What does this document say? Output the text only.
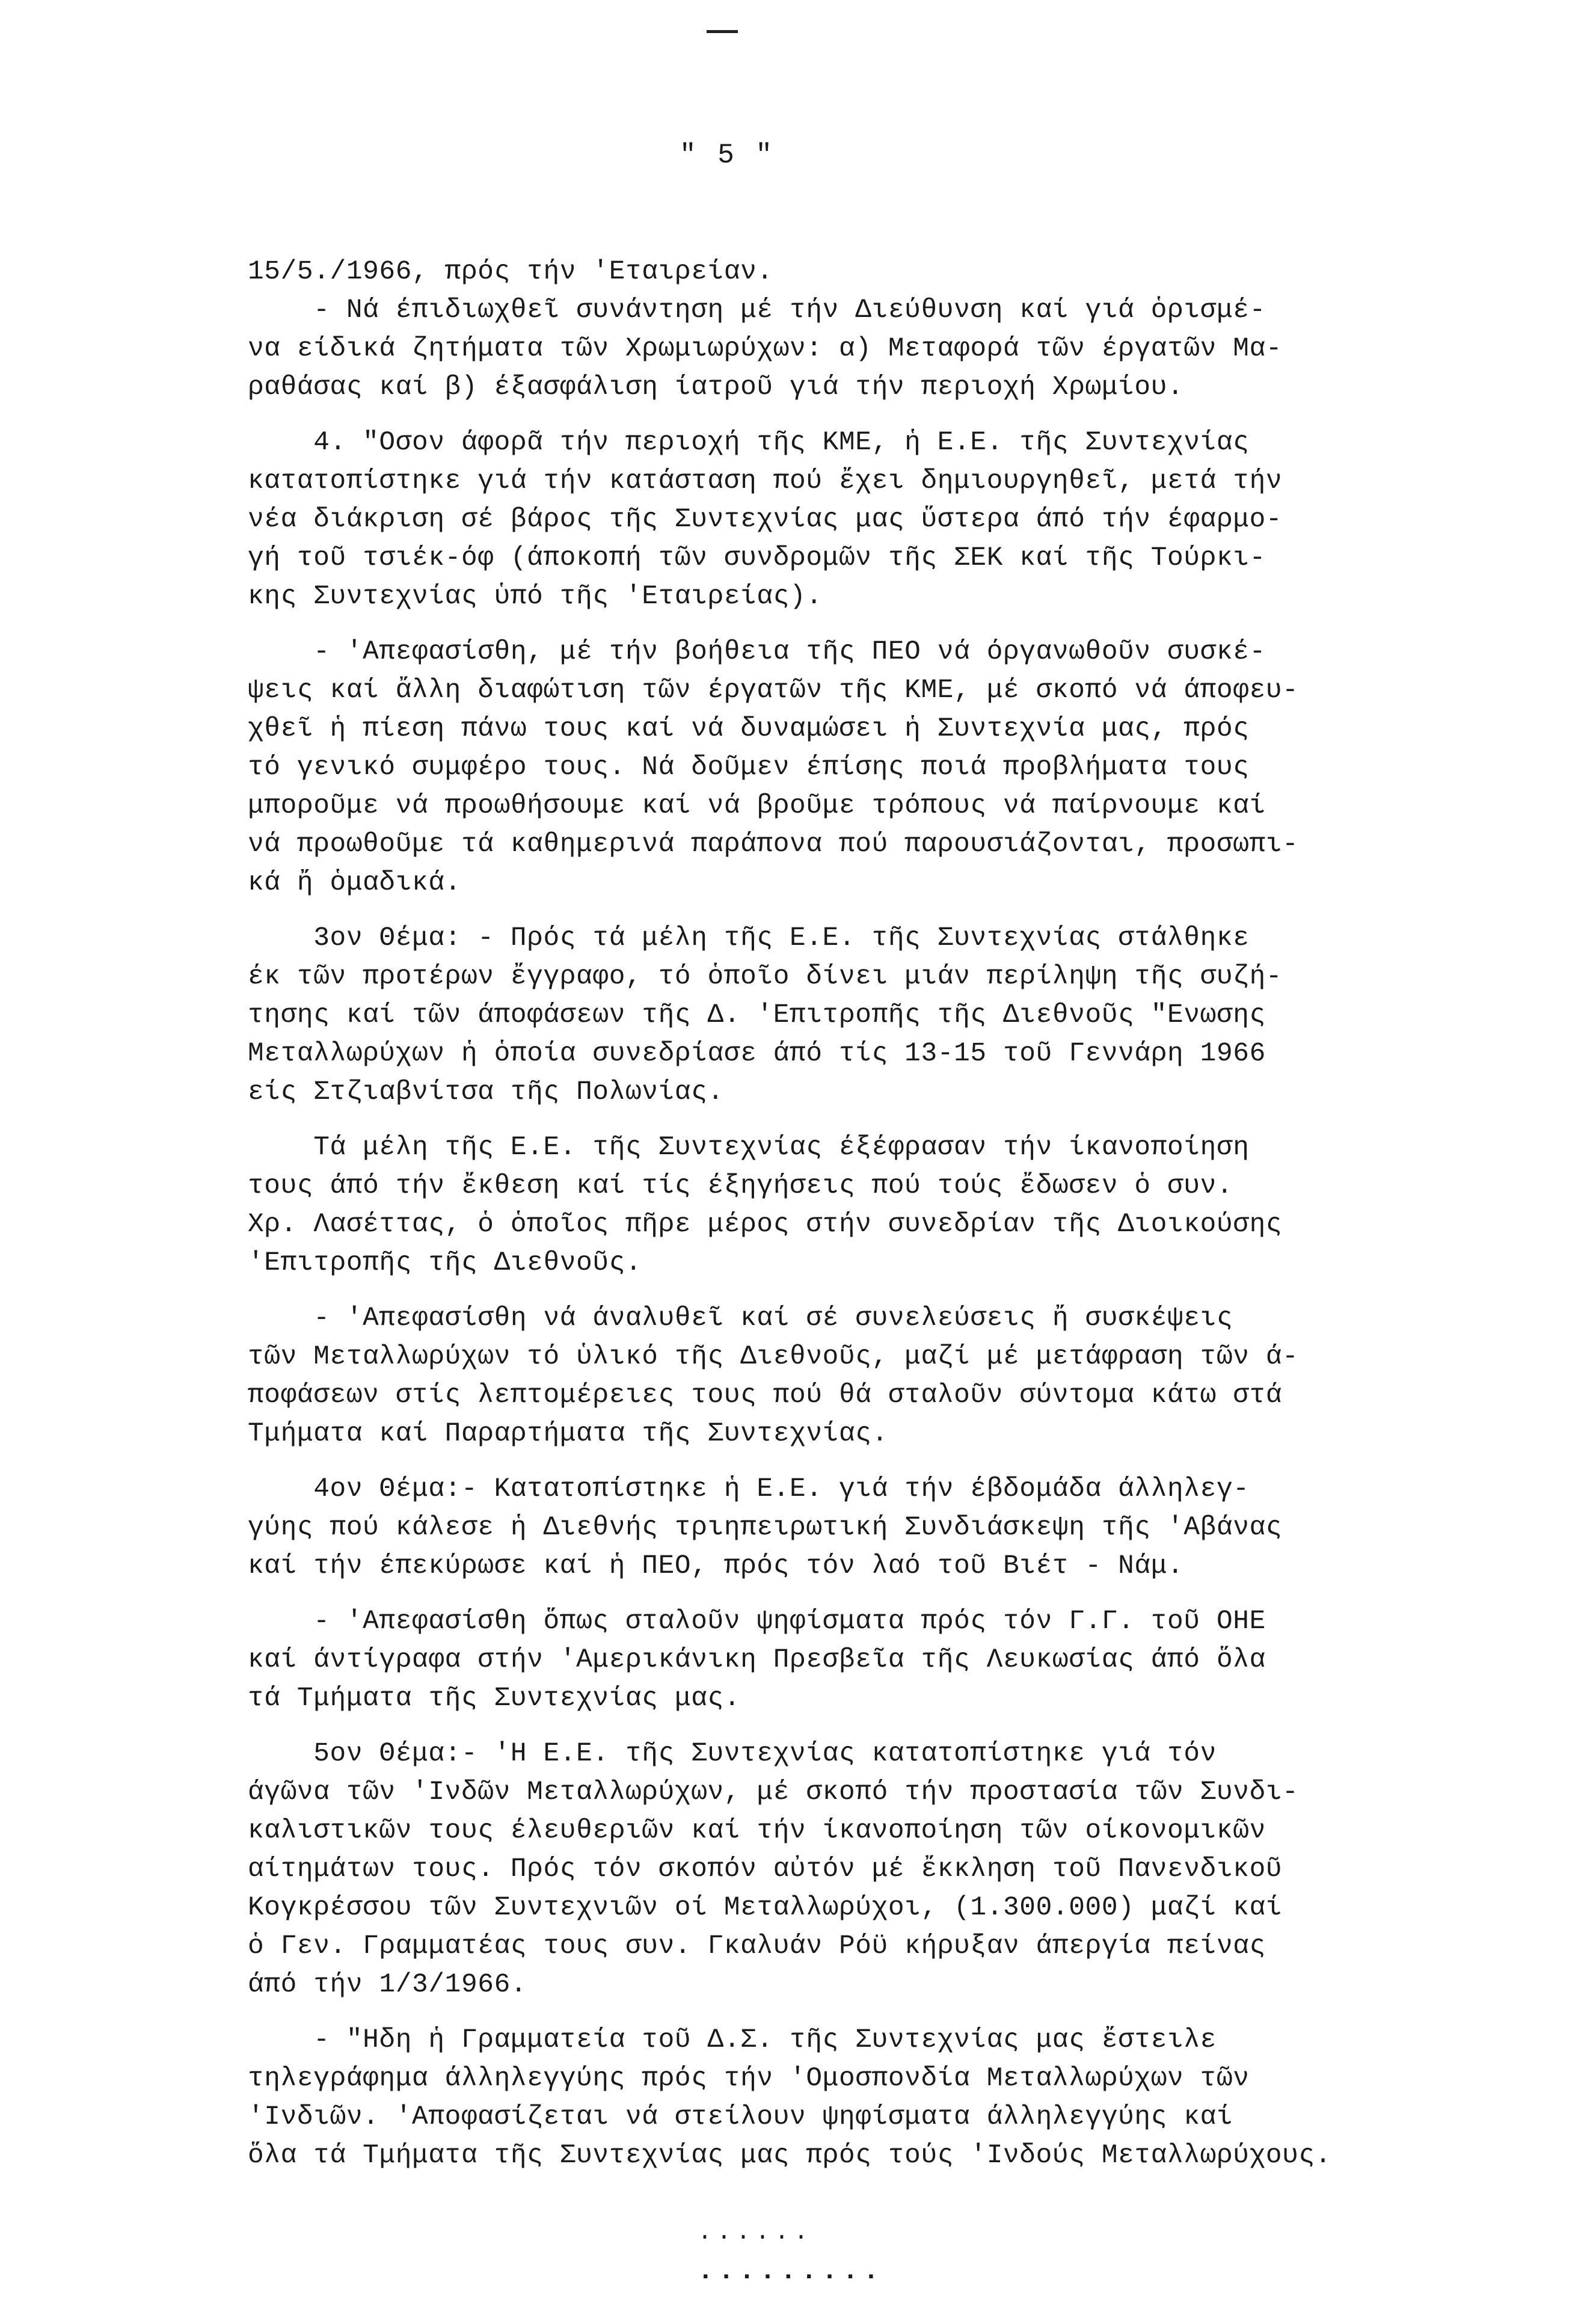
" 5 "
15/5./1966, πρός τήν 'Εταιρείαν.
- Νά έπιδιωχθεῖ συνάντηση μέ τήν Διεύθυνση καί γιά ὁρισμέ-
να είδικά ζητήματα τῶν Χρωμιωρύχων: α) Μεταφορά τῶν έργατῶν Μα-
ραθάσας καί β) έξασφάλιση ίατροῦ γιά τήν περιοχή Χρωμίου.
4. "Οσον άφορᾶ τήν περιοχή τῆς ΚΜΕ, ἡ Ε.Ε. τῆς Συντεχνίας
κατατοπίστηκε γιά τήν κατάσταση πού ἔχει δημιουργηθεῖ, μετά τήν
νέα διάκριση σέ βάρος τῆς Συντεχνίας μας ὕστερα άπό τήν έφαρμο-
γή τοῦ τσιέκ-όφ (άποκοπή τῶν συνδρομῶν τῆς ΣΕΚ καί τῆς Τούρκι-
κης Συντεχνίας ὑπό τῆς 'Εταιρείας).
- 'Απεφασίσθη, μέ τήν βοήθεια τῆς ΠΕΟ νά όργανωθοῦν συσκέ-
ψεις καί ἄλλη διαφώτιση τῶν έργατῶν τῆς ΚΜΕ, μέ σκοπό νά άποφευ-
χθεῖ ἡ πίεση πάνω τους καί νά δυναμώσει ἡ Συντεχνία μας, πρός
τό γενικό συμφέρο τους. Νά δοῦμεν έπίσης ποιά προβλήματα τους
μποροῦμε νά προωθήσουμε καί νά βροῦμε τρόπους νά παίρνουμε καί
νά προωθοῦμε τά καθημερινά παράπονα πού παρουσιάζονται, προσωπι-
κά ἤ ὁμαδικά.
3ον Θέμα: - Πρός τά μέλη τῆς Ε.Ε. τῆς Συντεχνίας στάλθηκε
έκ τῶν προτέρων ἔγγραφο, τό ὁποῖο δίνει μιάν περίληψη τῆς συζή-
τησης καί τῶν άποφάσεων τῆς Δ. 'Επιτροπῆς τῆς Διεθνοῦς "Ενωσης
Μεταλλωρύχων ἡ ὁποία συνεδρίασε άπό τίς 13-15 τοῦ Γεννάρη 1966
είς Στζιαβνίτσα τῆς Πολωνίας.
Τά μέλη τῆς Ε.Ε. τῆς Συντεχνίας έξέφρασαν τήν ίκανοποίηση
τους άπό τήν ἔκθεση καί τίς έξηγήσεις πού τούς ἔδωσεν ὁ συν.
Χρ. Λασέττας, ὁ ὁποῖος πῆρε μέρος στήν συνεδρίαν τῆς Διοικούσης
'Επιτροπῆς τῆς Διεθνοῦς.
- 'Απεφασίσθη νά άναλυθεῖ καί σέ συνελεύσεις ἤ συσκέψεις
τῶν Μεταλλωρύχων τό ὑλικό τῆς Διεθνοῦς, μαζί μέ μετάφραση τῶν ά-
ποφάσεων στίς λεπτομέρειες τους πού θά σταλοῦν σύντομα κάτω στά
Τμήματα καί Παραρτήματα τῆς Συντεχνίας.
4ον Θέμα:- Κατατοπίστηκε ἡ Ε.Ε. γιά τήν έβδομάδα άλληλεγ-
γύης πού κάλεσε ἡ Διεθνής τριηπειρωτική Συνδιάσκεψη τῆς 'Αβάνας
καί τήν έπεκύρωσε καί ἡ ΠΕΟ, πρός τόν λαό τοῦ Βιέτ - Νάμ.
- 'Απεφασίσθη ὅπως σταλοῦν ψηφίσματα πρός τόν Γ.Γ. τοῦ ΟΗΕ
καί άντίγραφα στήν 'Αμερικάνικη Πρεσβεῖα τῆς Λευκωσίας άπό ὅλα
τά Τμήματα τῆς Συντεχνίας μας.
5ον Θέμα:- 'Η Ε.Ε. τῆς Συντεχνίας κατατοπίστηκε γιά τόν
άγῶνα τῶν 'Ινδῶν Μεταλλωρύχων, μέ σκοπό τήν προστασία τῶν Συνδι-
καλιστικῶν τους έλευθεριῶν καί τήν ίκανοποίηση τῶν οίκονομικῶν
αίτημάτων τους. Πρός τόν σκοπόν αὐτόν μέ ἔκκληση τοῦ Πανενδικοῦ
Κογκρέσσου τῶν Συντεχνιῶν οί Μεταλλωρύχοι, (1.300.000) μαζί καί
ὁ Γεν. Γραμματέας τους συν. Γκαλυάν Ρόϋ κήρυξαν άπεργία πείνας
άπό τήν 1/3/1966.
- "Ηδη ἡ Γραμματεία τοῦ Δ.Σ. τῆς Συντεχνίας μας ἔστειλε
τηλεγράφημα άλληλεγγύης πρός τήν 'Ομοσπονδία Μεταλλωρύχων τῶν
'Ινδιῶν. 'Αποφασίζεται νά στείλουν ψηφίσματα άλληλεγγύης καί
ὅλα τά Τμήματα τῆς Συντεχνίας μας πρός τούς 'Ινδούς Μεταλλωρύχους.
......
.........
